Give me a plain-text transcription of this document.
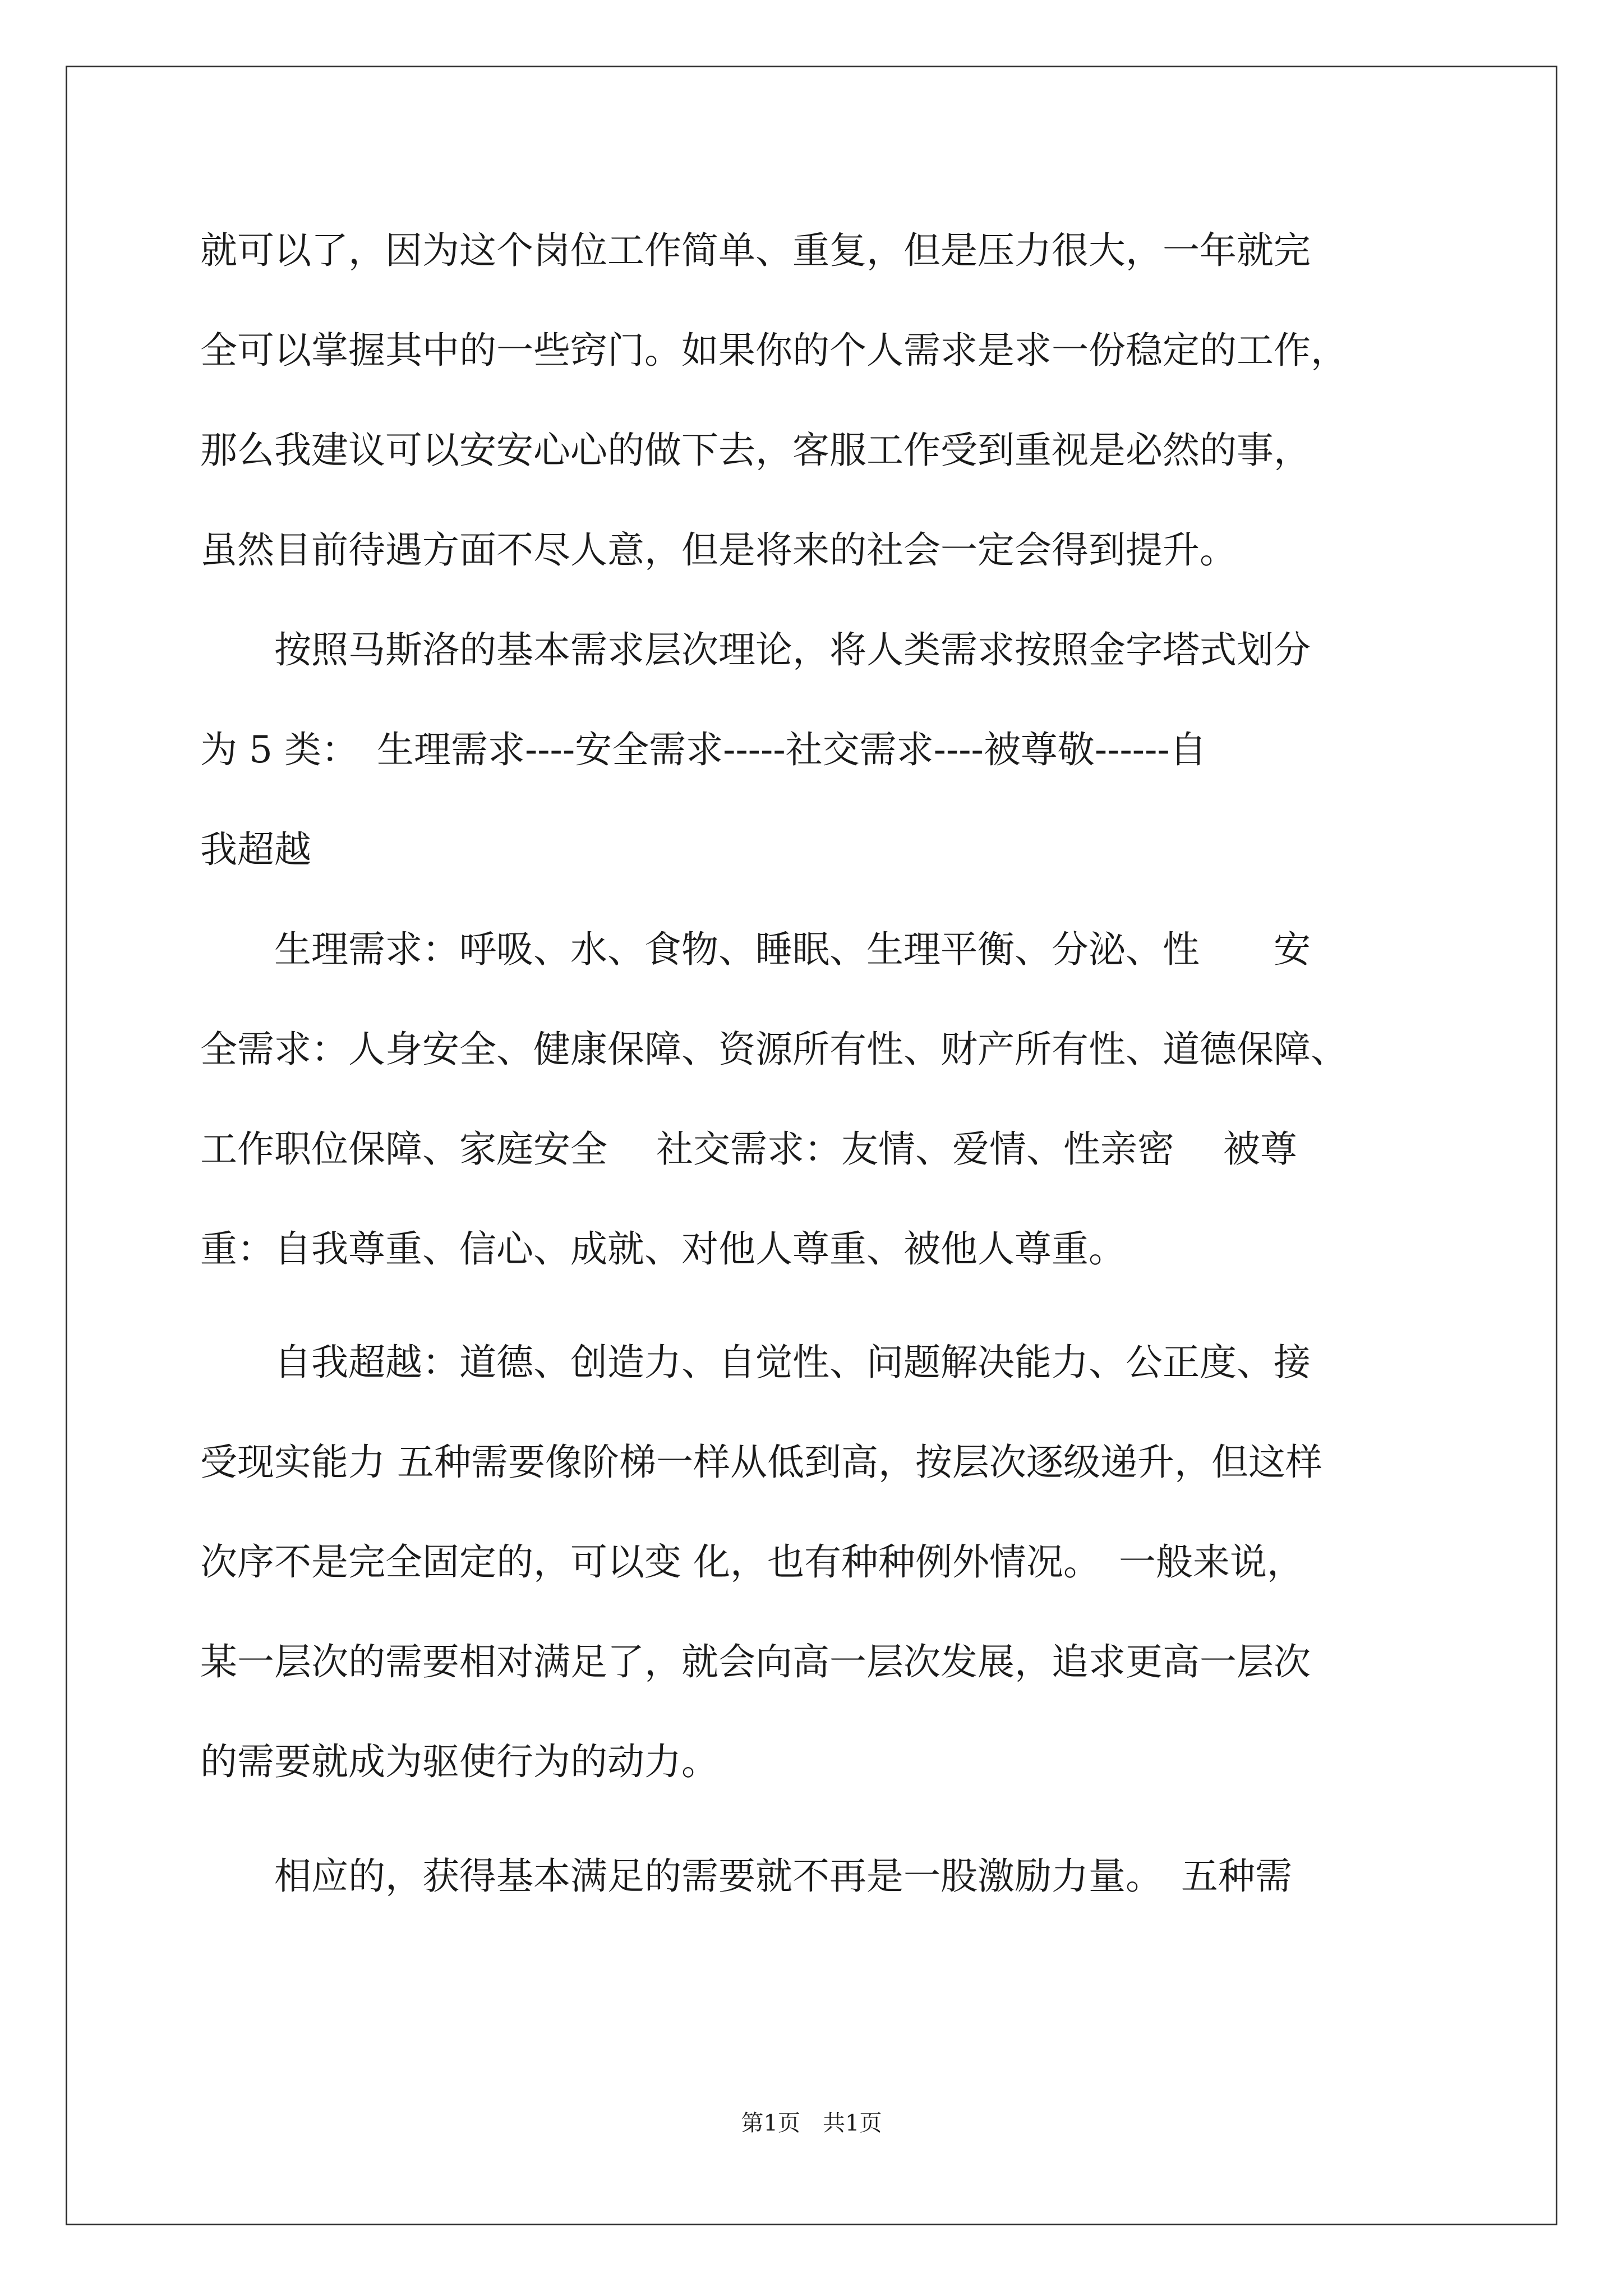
就可以了，因为这个岗位工作简单、重复，但是压力很大，一年就完
全可以掌握其中的一些窍门。如果你的个人需求是求一份稳定的工作，
那么我建议可以安安心心的做下去，客服工作受到重视是必然的事，
虽然目前待遇方面不尽人意，但是将来的社会一定会得到提升。
　　按照马斯洛的基本需求层次理论，将人类需求按照金字塔式划分
为 5 类：　生理需求----安全需求-----社交需求----被尊敬------自
我超越
　　生理需求：呼吸、水、食物、睡眠、生理平衡、分泌、性　　安
全需求：人身安全、健康保障、资源所有性、财产所有性、道德保障、
工作职位保障、家庭安全　 社交需求：友情、爱情、性亲密　 被尊
重：自我尊重、信心、成就、对他人尊重、被他人尊重。
　　自我超越：道德、创造力、自觉性、问题解决能力、公正度、接
受现实能力 五种需要像阶梯一样从低到高，按层次逐级递升，但这样
次序不是完全固定的，可以变 化，也有种种例外情况。　一般来说，
某一层次的需要相对满足了，就会向高一层次发展，追求更高一层次
的需要就成为驱使行为的动力。
　　相应的，获得基本满足的需要就不再是一股激励力量。　五种需
第1页　共1页
